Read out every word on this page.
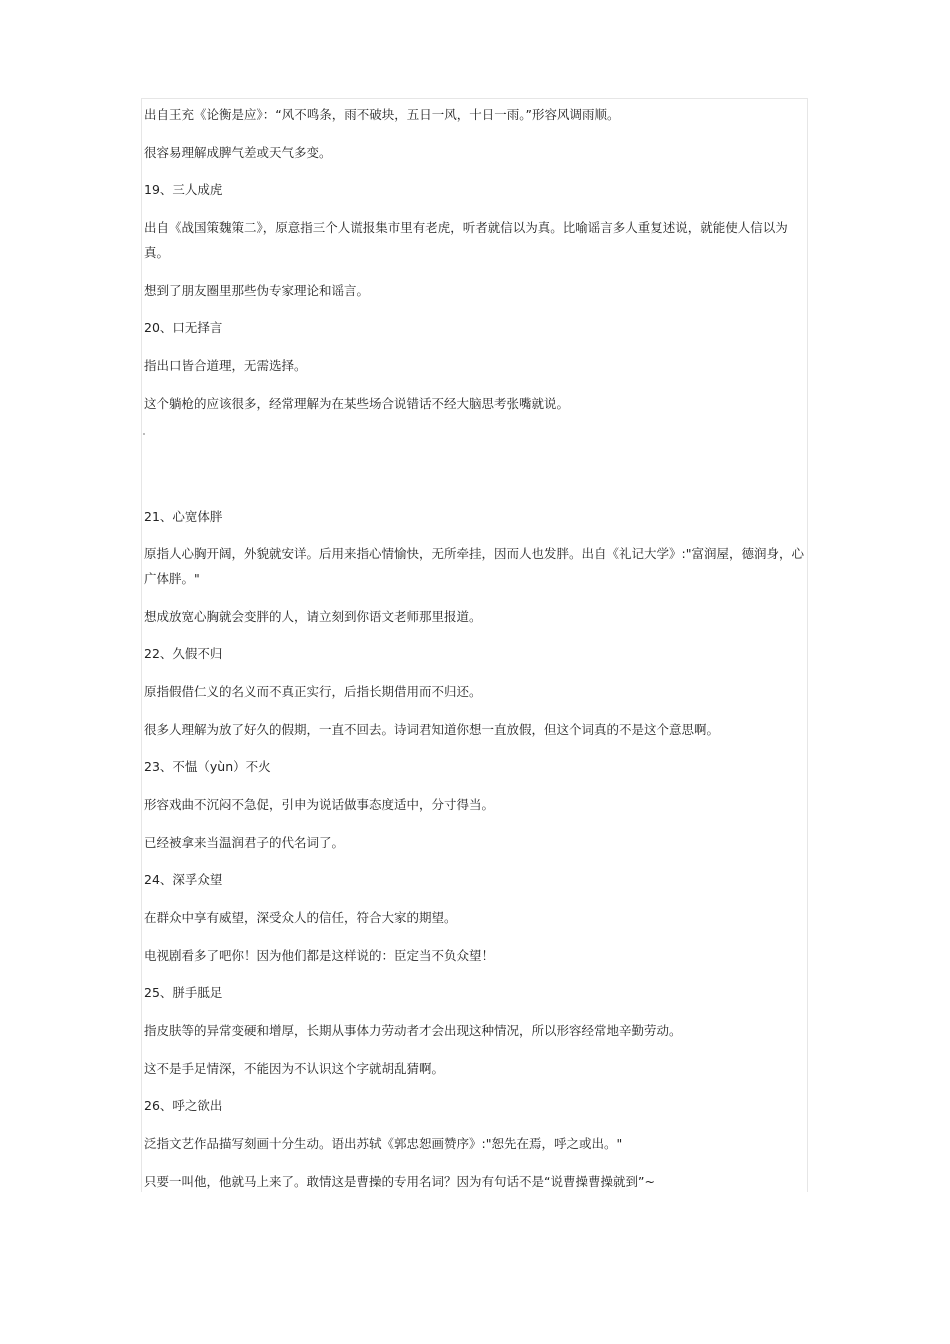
出自王充《论衡是应》：“风不鸣条，雨不破块，五日一风，十日一雨。”形容风调雨顺。
很容易理解成脾气差或天气多变。
19、三人成虎
出自《战国策魏策二》，原意指三个人谎报集市里有老虎，听者就信以为真。比喻谣言多人重复述说，就能使人信以为真。
想到了朋友圈里那些伪专家理论和谣言。
20、口无择言
指出口皆合道理，无需选择。
这个躺枪的应该很多，经常理解为在某些场合说错话不经大脑思考张嘴就说。
21、心宽体胖
原指人心胸开阔，外貌就安详。后用来指心情愉快，无所牵挂，因而人也发胖。出自《礼记大学》:"富润屋，德润身，心广体胖。"
想成放宽心胸就会变胖的人，请立刻到你语文老师那里报道。
22、久假不归
原指假借仁义的名义而不真正实行，后指长期借用而不归还。
很多人理解为放了好久的假期，一直不回去。诗词君知道你想一直放假，但这个词真的不是这个意思啊。
23、不愠（yùn）不火
形容戏曲不沉闷不急促，引申为说话做事态度适中，分寸得当。
已经被拿来当温润君子的代名词了。
24、深孚众望
在群众中享有威望，深受众人的信任，符合大家的期望。
电视剧看多了吧你！因为他们都是这样说的：臣定当不负众望！
25、胼手胝足
指皮肤等的异常变硬和增厚，长期从事体力劳动者才会出现这种情况，所以形容经常地辛勤劳动。
这不是手足情深，不能因为不认识这个字就胡乱猜啊。
26、呼之欲出
泛指文艺作品描写刻画十分生动。语出苏轼《郭忠恕画赞序》:"恕先在焉，呼之或出。"
只要一叫他，他就马上来了。敢情这是曹操的专用名词？因为有句话不是“说曹操曹操就到”~
